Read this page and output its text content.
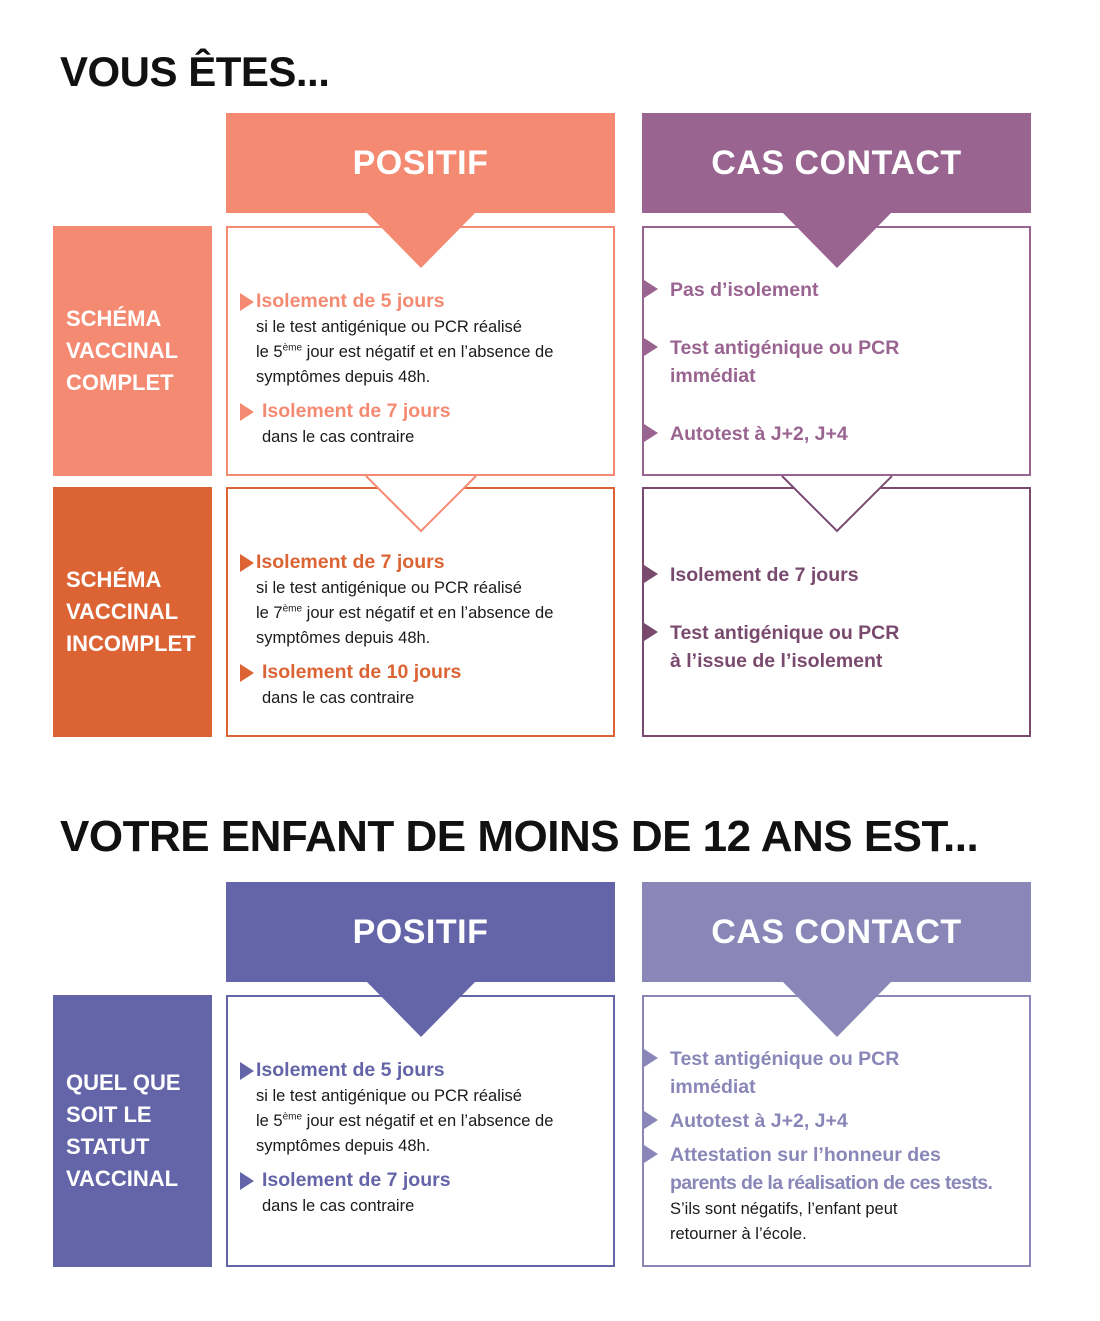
VOUS ÊTES...
POSITIF	CAS CONTACT
SCHÉMA
VACCINAL
COMPLET
Isolement de 5 jours
si le test antigénique ou PCR réalisé
le 5ème jour est négatif et en l’absence de
symptômes depuis 48h.
Isolement de 7 jours
dans le cas contraire
Pas d’isolement
Test antigénique ou PCR
immédiat
Autotest à J+2, J+4
SCHÉMA
VACCINAL
INCOMPLET
Isolement de 7 jours
si le test antigénique ou PCR réalisé
le 7ème jour est négatif et en l’absence de
symptômes depuis 48h.
Isolement de 10 jours
dans le cas contraire
Isolement de 7 jours
Test antigénique ou PCR
à l’issue de l’isolement
VOTRE ENFANT DE MOINS DE 12 ANS EST...
POSITIF	CAS CONTACT
QUEL QUE
SOIT LE
STATUT
VACCINAL
Isolement de 5 jours
si le test antigénique ou PCR réalisé
le 5ème jour est négatif et en l’absence de
symptômes depuis 48h.
Isolement de 7 jours
dans le cas contraire
Test antigénique ou PCR
immédiat
Autotest à J+2, J+4
Attestation sur l’honneur des
parents de la réalisation de ces tests.
S’ils sont négatifs, l’enfant peut
retourner à l’école.
